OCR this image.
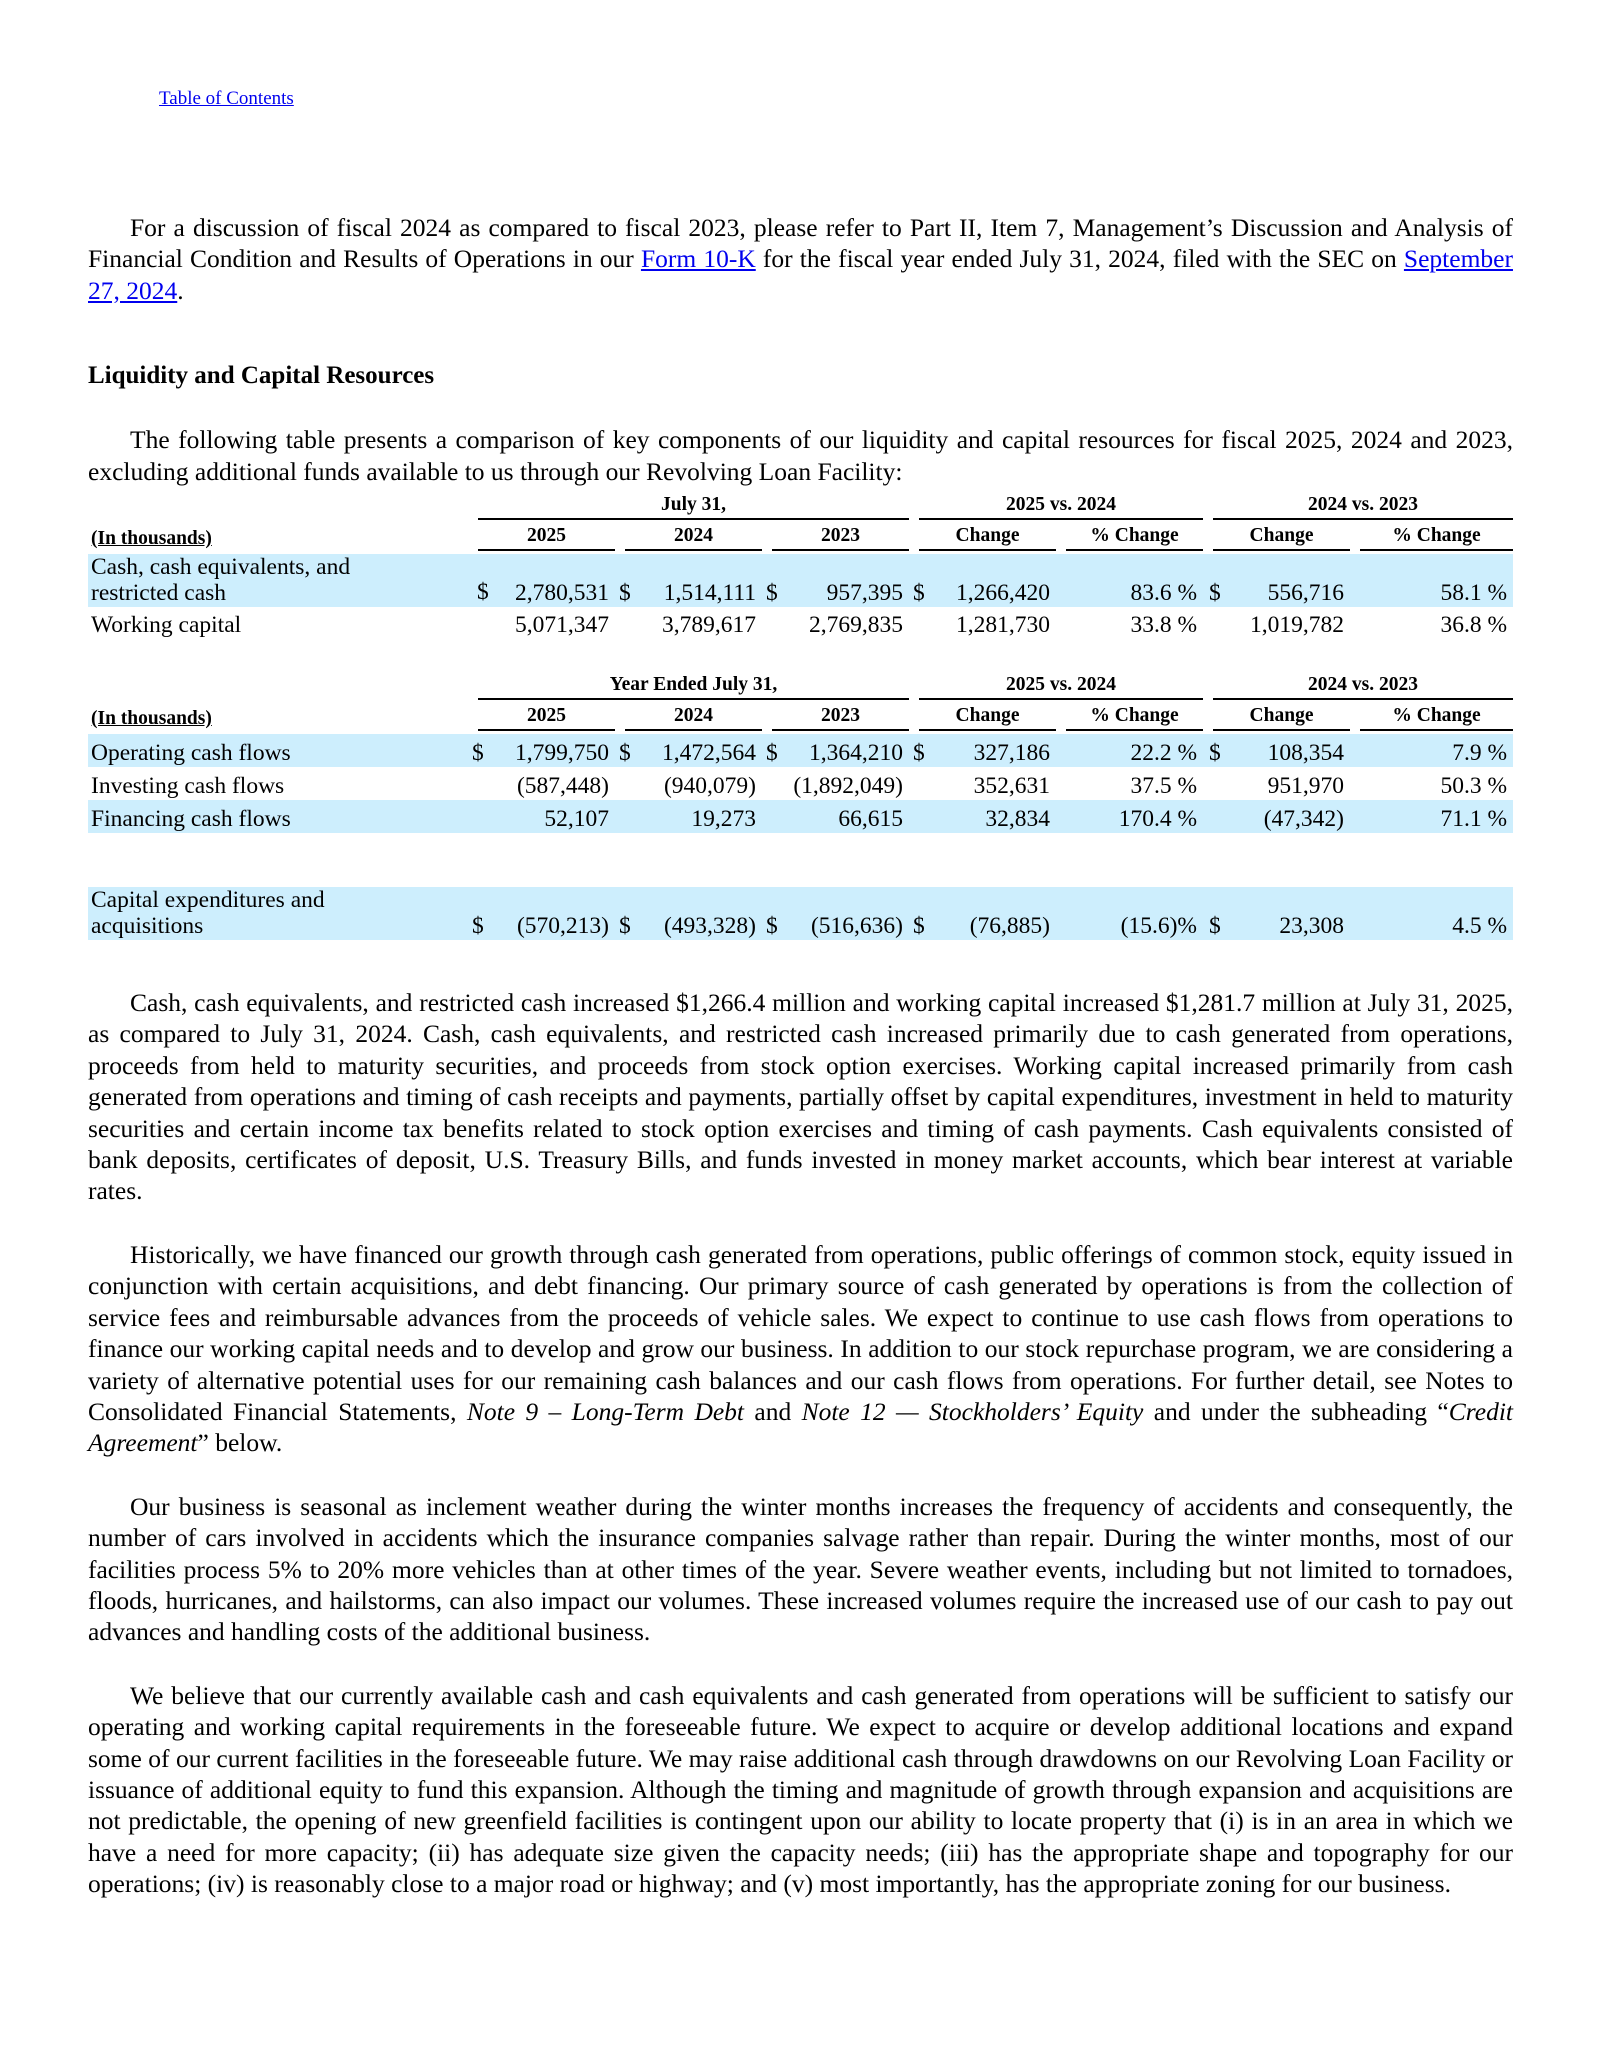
Table of Contents

For a discussion of fiscal 2024 as compared to fiscal 2023, please refer to Part II, Item 7, Management’s Discussion and Analysis of Financial Condition and Results of Operations in our Form 10-K for the fiscal year ended July 31, 2024, filed with the SEC on September 27, 2024.

Liquidity and Capital Resources

The following table presents a comparison of key components of our liquidity and capital resources for fiscal 2025, 2024 and 2023, excluding additional funds available to us through our Revolving Loan Facility:

		July 31,						2025 vs. 2024				2024 vs. 2023		
(In thousands)		2025		2024		2023		Change		% Change		Change		% Change

Cash, cash equivalents, and
restricted cash		$ 2,780,531		$ 1,514,111		$ 957,395		$ 1,266,420		83.6 %	$	556,716		58.1 %

Working capital		5,071,347		3,789,617		2,769,835		1,281,730		33.8 %		1,019,782		36.8 %
		Year Ended July 31,						2025 vs. 2024				2024 vs. 2023		
(In thousands)		2025		2024		2023		Change		% Change		Change		% Change

Operating cash flows		$ 1,799,750		$ 1,472,564		$ 1,364,210		$ 327,186		22.2 %	$	108,354		7.9 %

Investing cash flows		(587,448)		(940,079)		(1,892,049)		352,631		37.5 %		951,970		50.3 %

Financing cash flows		52,107		19,273		66,615		32,834		170.4 %		(47,342)		71.1 %

Capital expenditures and
acquisitions		$ (570,213)		$ (493,328)		$ (516,636)		$ (76,885)		(15.6)%	$	23,308		4.5 %

Cash, cash equivalents, and restricted cash increased $1,266.4 million and working capital increased $1,281.7 million at July 31, 2025, as compared to July 31, 2024. Cash, cash equivalents, and restricted cash increased primarily due to cash generated from operations, proceeds from held to maturity securities, and proceeds from stock option exercises. Working capital increased primarily from cash generated from operations and timing of cash receipts and payments, partially offset by capital expenditures, investment in held to maturity securities and certain income tax benefits related to stock option exercises and timing of cash payments. Cash equivalents consisted of bank deposits, certificates of deposit, U.S. Treasury Bills, and funds invested in money market accounts, which bear interest at variable rates.

Historically, we have financed our growth through cash generated from operations, public offerings of common stock, equity issued in conjunction with certain acquisitions, and debt financing. Our primary source of cash generated by operations is from the collection of service fees and reimbursable advances from the proceeds of vehicle sales. We expect to continue to use cash flows from operations to finance our working capital needs and to develop and grow our business. In addition to our stock repurchase program, we are considering a variety of alternative potential uses for our remaining cash balances and our cash flows from operations. For further detail, see Notes to Consolidated Financial Statements, Note 9 – Long-Term Debt and Note 12 — Stockholders’ Equity and under the subheading “Credit Agreement” below.

Our business is seasonal as inclement weather during the winter months increases the frequency of accidents and consequently, the number of cars involved in accidents which the insurance companies salvage rather than repair. During the winter months, most of our facilities process 5% to 20% more vehicles than at other times of the year. Severe weather events, including but not limited to tornadoes, floods, hurricanes, and hailstorms, can also impact our volumes. These increased volumes require the increased use of our cash to pay out advances and handling costs of the additional business.

We believe that our currently available cash and cash equivalents and cash generated from operations will be sufficient to satisfy our operating and working capital requirements in the foreseeable future. We expect to acquire or develop additional locations and expand some of our current facilities in the foreseeable future. We may raise additional cash through drawdowns on our Revolving Loan Facility or issuance of additional equity to fund this expansion. Although the timing and magnitude of growth through expansion and acquisitions are not predictable, the opening of new greenfield facilities is contingent upon our ability to locate property that (i) is in an area in which we have a need for more capacity; (ii) has adequate size given the capacity needs; (iii) has the appropriate shape and topography for our operations; (iv) is reasonably close to a major road or highway; and (v) most importantly, has the appropriate zoning for our business.
